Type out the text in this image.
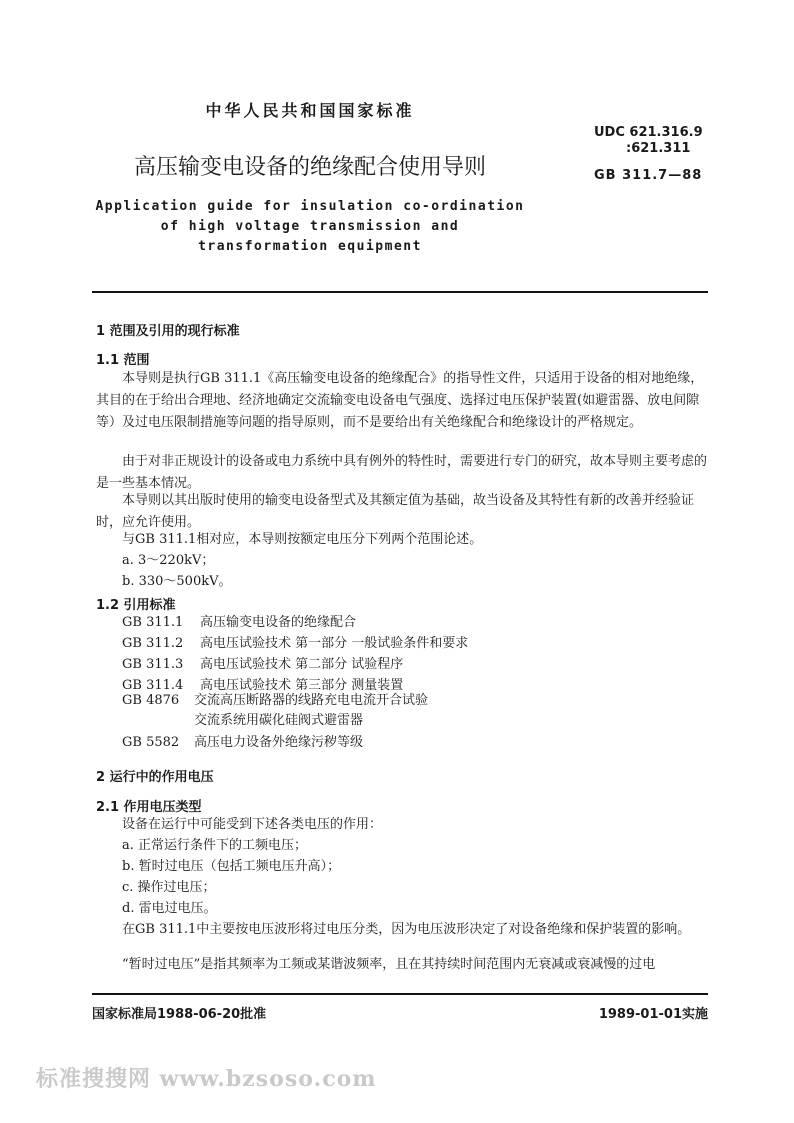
中华人民共和国国家标准
UDC 621.316.9
:621.311
GB 311.7—88
高压输变电设备的绝缘配合使用导则
Application guide for insulation co-ordination
of high voltage transmission and
transformation equipment
1 范围及引用的现行标准
1.1 范围
本导则是执行GB 311.1《高压输变电设备的绝缘配合》的指导性文件，只适用于设备的相对地绝缘，其目的在于给出合理地、经济地确定交流输变电设备电气强度、选择过电压保护装置(如避雷器、放电间隙等）及过电压限制措施等问题的指导原则，而不是要给出有关绝缘配合和绝缘设计的严格规定。
由于对非正规设计的设备或电力系统中具有例外的特性时，需要进行专门的研究，故本导则主要考虑的是一些基本情况。
本导则以其出版时使用的输变电设备型式及其额定值为基础，故当设备及其特性有新的改善并经验证时，应允许使用。
与GB 311.1相对应，本导则按额定电压分下列两个范围论述。
a. 3～220kV；
b. 330～500kV。
1.2 引用标准
GB 311.1 高压输变电设备的绝缘配合
GB 311.2 高电压试验技术 第一部分 一般试验条件和要求
GB 311.3 高电压试验技术 第二部分 试验程序
GB 311.4 高电压试验技术 第三部分 测量装置
GB 4876 交流高压断路器的线路充电电流开合试验
交流系统用碳化硅阀式避雷器
GB 5582 高压电力设备外绝缘污秽等级
2 运行中的作用电压
2.1 作用电压类型
设备在运行中可能受到下述各类电压的作用：
a. 正常运行条件下的工频电压；
b. 暂时过电压（包括工频电压升高）；
c. 操作过电压；
d. 雷电过电压。
在GB 311.1中主要按电压波形将过电压分类，因为电压波形决定了对设备绝缘和保护装置的影响。
“暂时过电压”是指其频率为工频或某谐波频率，且在其持续时间范围内无衰减或衰减慢的过电
国家标准局1988-06-20批准	1989-01-01实施
标准搜搜网 www.bzsoso.com
